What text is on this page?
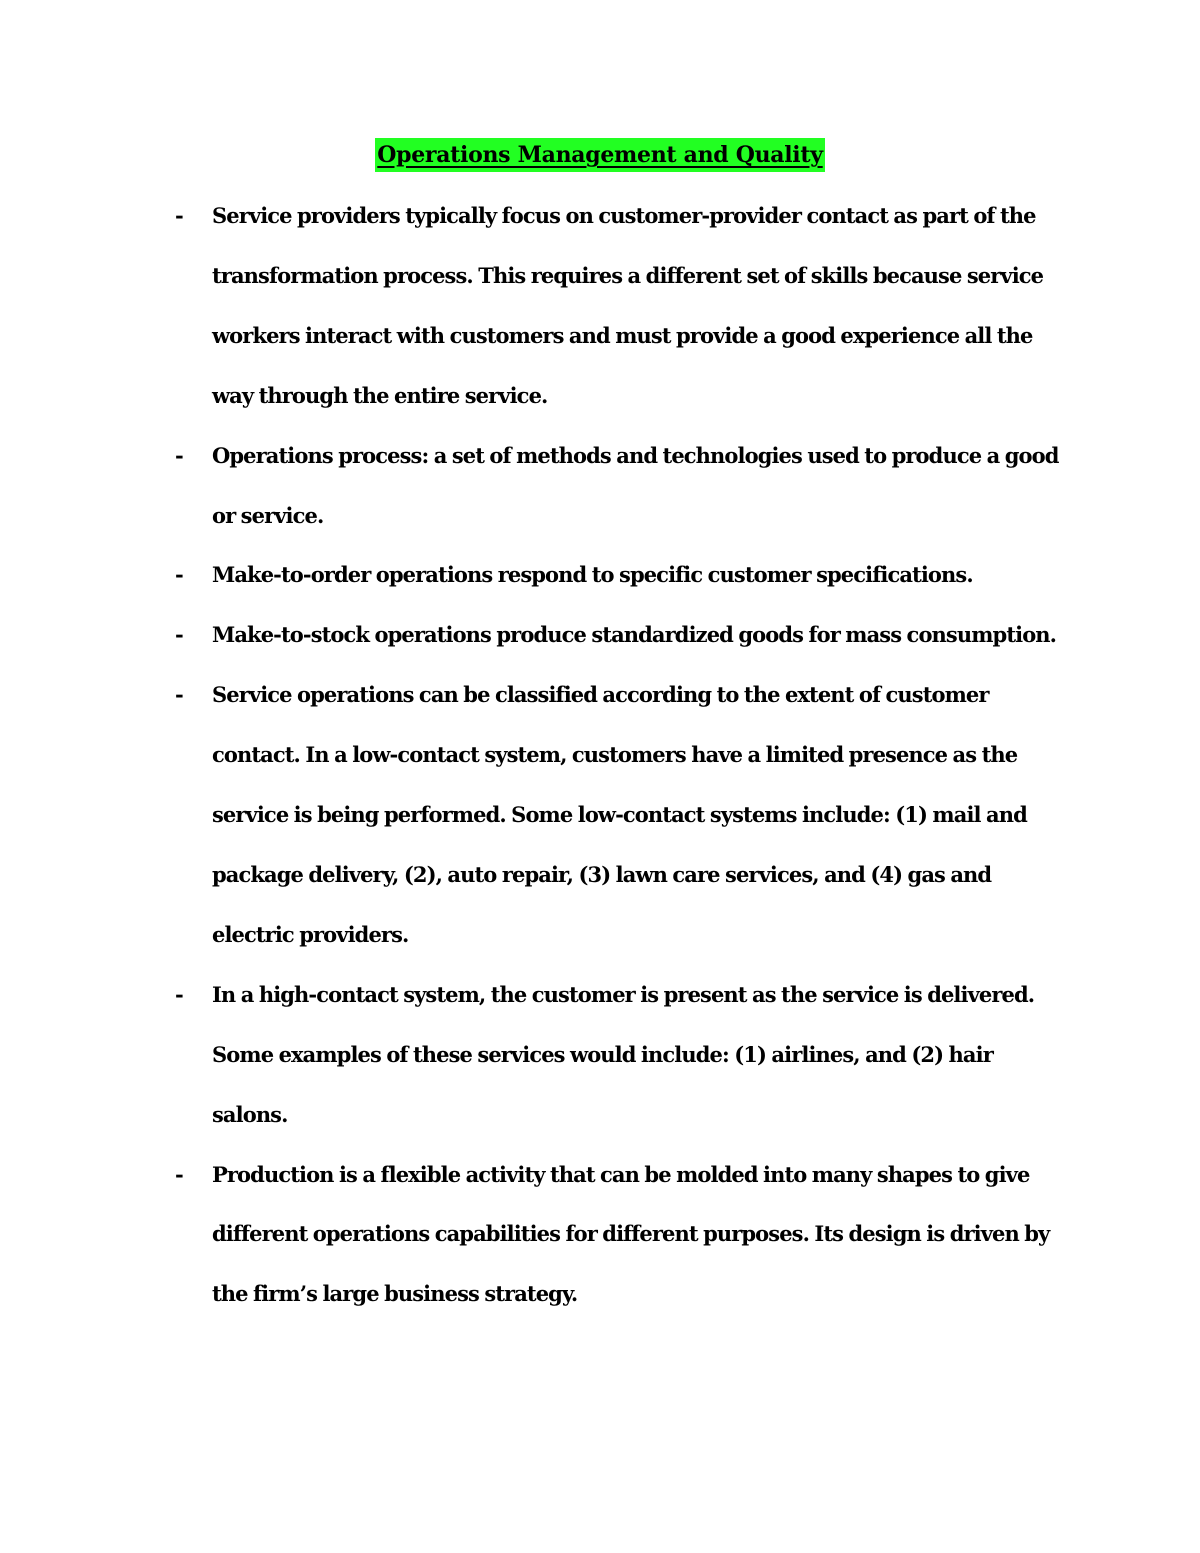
Operations Management and Quality
- Service providers typically focus on customer-provider contact as part of the transformation process. This requires a different set of skills because service workers interact with customers and must provide a good experience all the way through the entire service.
- Operations process: a set of methods and technologies used to produce a good or service.
- Make-to-order operations respond to specific customer specifications.
- Make-to-stock operations produce standardized goods for mass consumption.
- Service operations can be classified according to the extent of customer contact. In a low-contact system, customers have a limited presence as the service is being performed. Some low-contact systems include: (1) mail and package delivery, (2), auto repair, (3) lawn care services, and (4) gas and electric providers.
- In a high-contact system, the customer is present as the service is delivered. Some examples of these services would include: (1) airlines, and (2) hair salons.
- Production is a flexible activity that can be molded into many shapes to give different operations capabilities for different purposes. Its design is driven by the firm’s large business strategy.
